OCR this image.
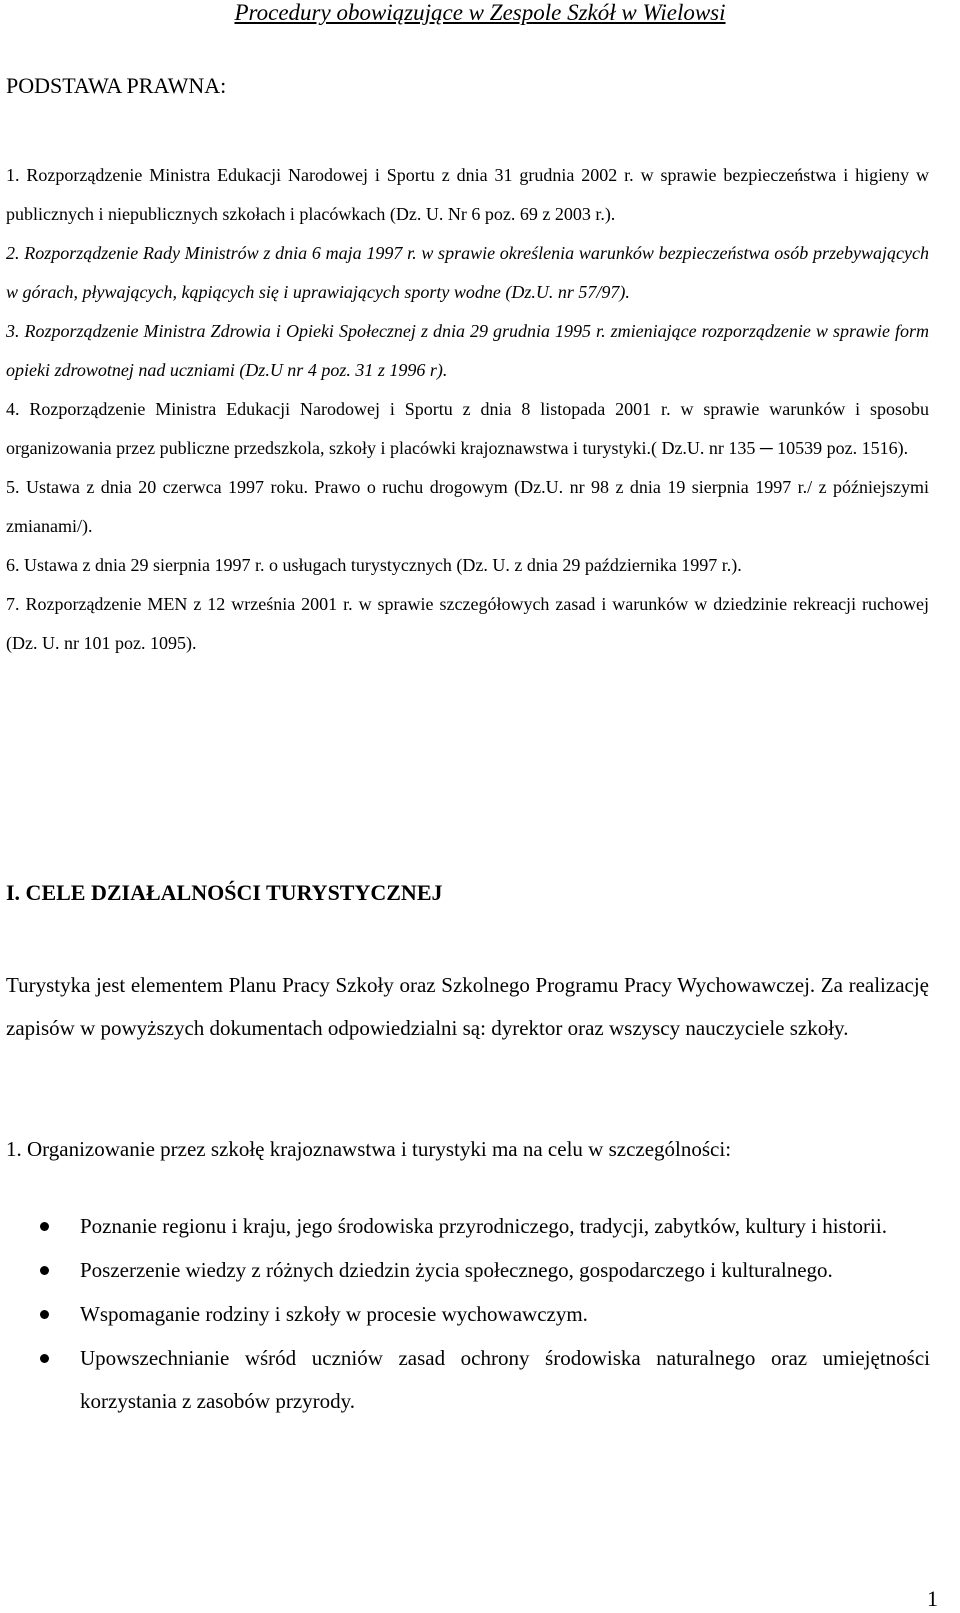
Procedury obowiązujące w Zespole Szkół w Wielowsi
PODSTAWA PRAWNA:

1. Rozporządzenie Ministra Edukacji Narodowej i Sportu z dnia 31 grudnia 2002 r. w sprawie bezpieczeństwa i higieny w publicznych i niepublicznych szkołach i placówkach (Dz. U. Nr 6 poz. 69 z 2003 r.).

2. Rozporządzenie Rady Ministrów z dnia 6 maja 1997 r. w sprawie określenia warunków bezpieczeństwa osób przebywających w górach, pływających, kąpiących się i uprawiających sporty wodne (Dz.U. nr 57/97).

3. Rozporządzenie Ministra Zdrowia i Opieki Społecznej z dnia 29 grudnia 1995 r. zmieniające rozporządzenie w sprawie form opieki zdrowotnej nad uczniami (Dz.U nr 4 poz. 31 z 1996 r).

4. Rozporządzenie Ministra Edukacji Narodowej i Sportu z dnia 8 listopada 2001 r. w sprawie warunków i sposobu organizowania przez publiczne przedszkola, szkoły i placówki krajoznawstwa i turystyki.( Dz.U. nr 135 ─ 10539 poz. 1516).

5. Ustawa z dnia 20 czerwca 1997 roku. Prawo o ruchu drogowym (Dz.U. nr 98 z dnia 19 sierpnia 1997 r./ z późniejszymi zmianami/).

6. Ustawa z dnia 29 sierpnia 1997 r. o usługach turystycznych (Dz. U. z dnia 29 października 1997 r.).

7. Rozporządzenie MEN z 12 września 2001 r. w sprawie szczegółowych zasad i warunków w dziedzinie rekreacji ruchowej (Dz. U. nr 101 poz. 1095).

I. CELE DZIAŁALNOŚCI TURYSTYCZNEJ
Turystyka jest elementem Planu Pracy Szkoły oraz Szkolnego Programu Pracy Wychowawczej. Za realizację zapisów w powyższych dokumentach odpowiedzialni są: dyrektor oraz wszyscy nauczyciele szkoły.
1. Organizowanie przez szkołę krajoznawstwa i turystyki ma na celu w szczególności:
Poznanie regionu i kraju, jego środowiska przyrodniczego, tradycji, zabytków, kultury i historii.
Poszerzenie wiedzy z różnych dziedzin życia społecznego, gospodarczego i kulturalnego.
Wspomaganie rodziny i szkoły w procesie wychowawczym.
Upowszechnianie wśród uczniów zasad ochrony środowiska naturalnego oraz umiejętności korzystania z zasobów przyrody.
1
